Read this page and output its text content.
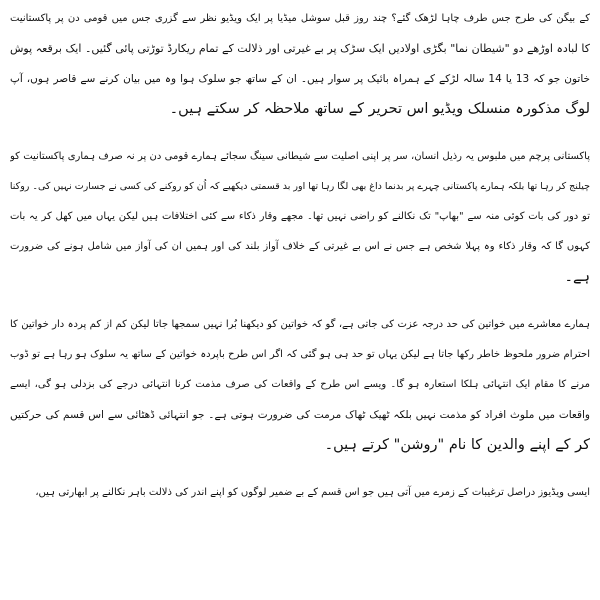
کے بیگن کی طرح جس طرف چاہا لڑھک گئے؟ چند روز قبل سوشل میڈیا پر ایک ویڈیو نظر سے گزری جس میں قومی دن پر پاکستانیت
کا لبادہ اوڑھے دو "شیطان نما" بگڑی اولادیں ایک سڑک پر بے غیرتی اور ذلالت کے تمام ریکارڈ توڑتی پائی گئیں۔ ایک برقعہ پوش
خاتون جو کہ 13 یا 14 سالہ لڑکے کے ہمراہ بائیک پر سوار ہیں۔ ان کے ساتھ جو سلوک ہوا وہ میں بیان کرنے سے قاصر ہوں، آپ
لوگ مذکورہ منسلک ویڈیو اس تحریر کے ساتھ ملاحظہ کر سکتے ہیں۔
پاکستانی پرچم میں ملبوس یہ رذیل انسان، سر پر اپنی اصلیت سے شیطانی سینگ سجائے ہمارے قومی دن پر نہ صرف ہماری پاکستانیت کو
چیلنج کر رہا تھا بلکہ ہمارے پاکستانی چہرے پر بدنما داغ بھی لگا رہا تھا اور بد قسمتی دیکھیے کہ اُن کو روکنے کی کسی نے جسارت نہیں کی۔ روکنا
تو دور کی بات کوئی منہ سے "بھاپ" تک نکالنے کو راضی نہیں تھا۔ مجھے وقار ذکاء سے کئی اختلافات ہیں لیکن یہاں میں کھل کر یہ بات
کہوں گا کہ وقار ذکاء وہ پہلا شخص ہے جس نے اس بے غیرتی کے خلاف آواز بلند کی اور ہمیں ان کی آواز میں شامل ہونے کی ضرورت
ہے۔
ہمارے معاشرے میں خواتین کی حد درجہ عزت کی جاتی ہے، گو کہ خواتین کو دیکھنا بُرا نہیں سمجھا جاتا لیکن کم از کم پردہ دار خواتین کا
احترام ضرور ملحوظ خاطر رکھا جاتا ہے لیکن یہاں تو حد ہی ہو گئی کہ اگر اس طرح باپردہ خواتین کے ساتھ یہ سلوک ہو رہا ہے تو ڈوب
مرنے کا مقام ایک انتہائی ہلکا استعارہ ہو گا۔ ویسے اس طرح کے واقعات کی صرف مذمت کرنا انتہائی درجے کی بزدلی ہو گی، ایسے
واقعات میں ملوث افراد کو مذمت نہیں بلکہ ٹھیک ٹھاک مرمت کی ضرورت ہوتی ہے۔ جو انتہائی ڈھٹائی سے اس قسم کی حرکتیں
کر کے اپنے والدین کا نام "روشن" کرتے ہیں۔
ایسی ویڈیوز دراصل ترغیبات کے زمرے میں آتی ہیں جو اس قسم کے بے ضمیر لوگوں کو اپنے اندر کی ذلالت باہر نکالنے پر ابھارتی ہیں،
